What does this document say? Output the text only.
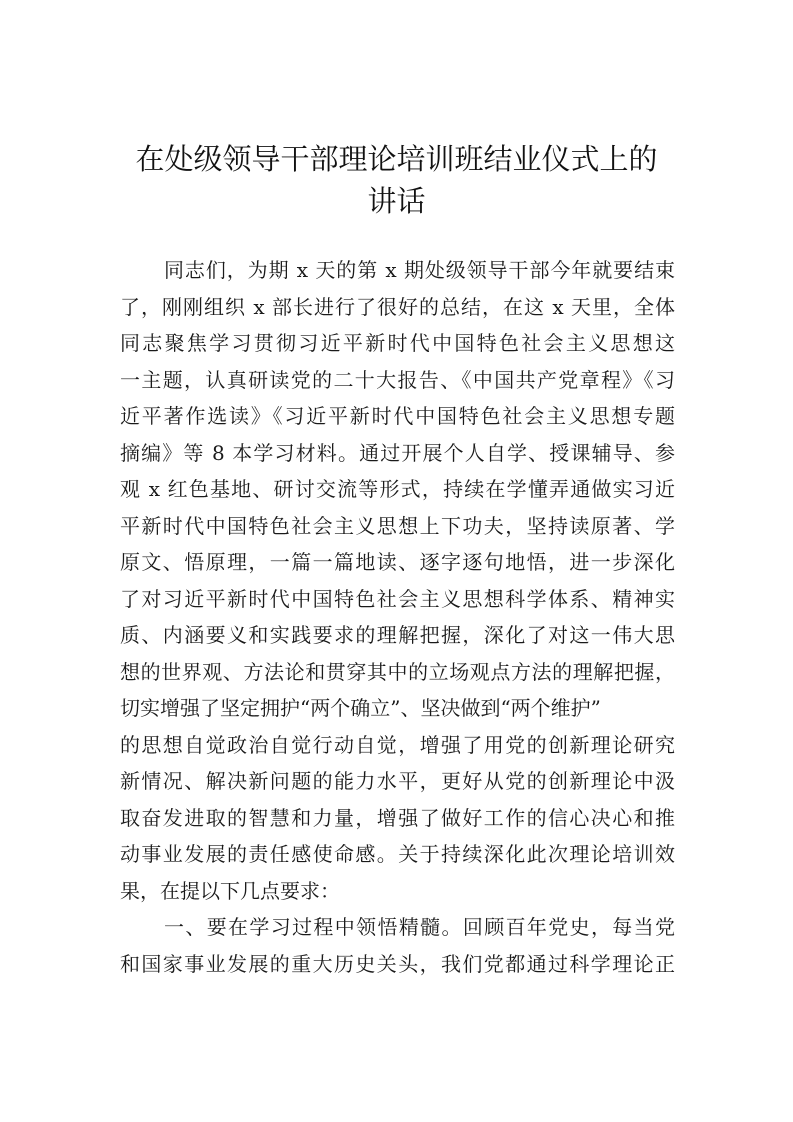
在处级领导干部理论培训班结业仪式上的
讲话
同志们，为期 x 天的第 x 期处级领导干部今年就要结束
了，刚刚组织 x 部长进行了很好的总结，在这 x 天里，全体
同志聚焦学习贯彻习近平新时代中国特色社会主义思想这
一主题，认真研读党的二十大报告、《中国共产党章程》《习
近平著作选读》《习近平新时代中国特色社会主义思想专题
摘编》等 8 本学习材料。通过开展个人自学、授课辅导、参
观 x 红色基地、研讨交流等形式，持续在学懂弄通做实习近
平新时代中国特色社会主义思想上下功夫，坚持读原著、学
原文、悟原理，一篇一篇地读、逐字逐句地悟，进一步深化
了对习近平新时代中国特色社会主义思想科学体系、精神实
质、内涵要义和实践要求的理解把握，深化了对这一伟大思
想的世界观、方法论和贯穿其中的立场观点方法的理解把握，
切实增强了坚定拥护“两个确立”、坚决做到“两个维护”
的思想自觉政治自觉行动自觉，增强了用党的创新理论研究
新情况、解决新问题的能力水平，更好从党的创新理论中汲
取奋发进取的智慧和力量，增强了做好工作的信心决心和推
动事业发展的责任感使命感。关于持续深化此次理论培训效
果，在提以下几点要求：
一、要在学习过程中领悟精髓。回顾百年党史，每当党
和国家事业发展的重大历史关头，我们党都通过科学理论正
